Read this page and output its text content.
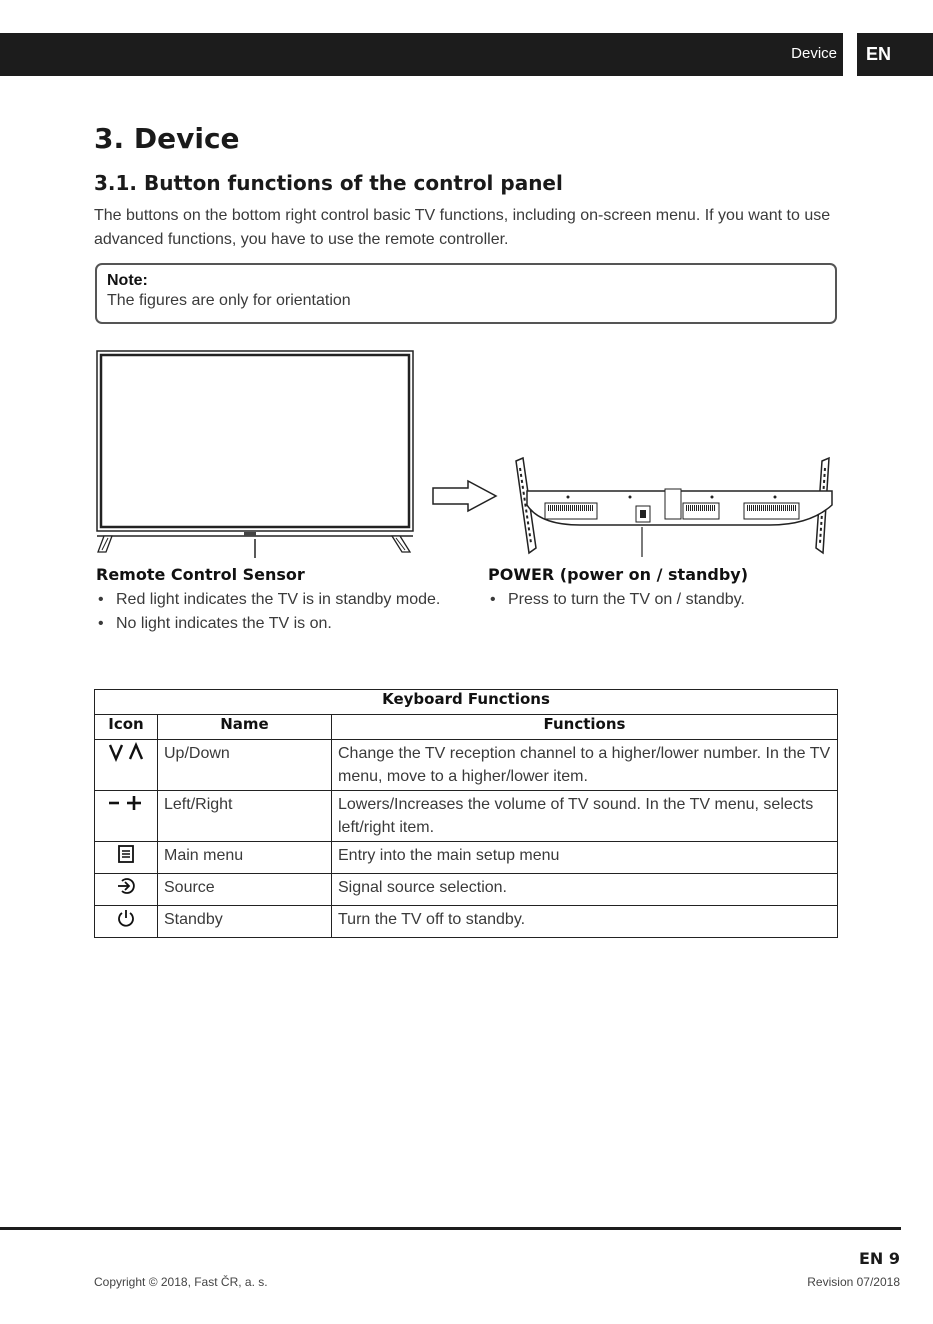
Device EN
3. Device
3.1. Button functions of the control panel

The buttons on the bottom right control basic TV functions, including on-screen menu. If you want to use advanced functions, you have to use the remote controller.

Note:
The figures are only for orientation
Remote Control Sensor
• Red light indicates the TV is in standby mode.
• No light indicates the TV is on.
POWER (power on / standby)
• Press to turn the TV on / standby.
Keyboard Functions		
Icon	Name	Functions
	Up/Down	Change the TV reception channel to a higher/lower number. In the TV menu, move to a higher/lower item.
	Left/Right	Lowers/Increases the volume of TV sound. In the TV menu, selects left/right item.
	Main menu	Entry into the main setup menu
	Source	Signal source selection.
	Standby	Turn the TV off to standby.
EN 9
Copyright © 2018, Fast ČR, a. s.	Revision 07/2018
